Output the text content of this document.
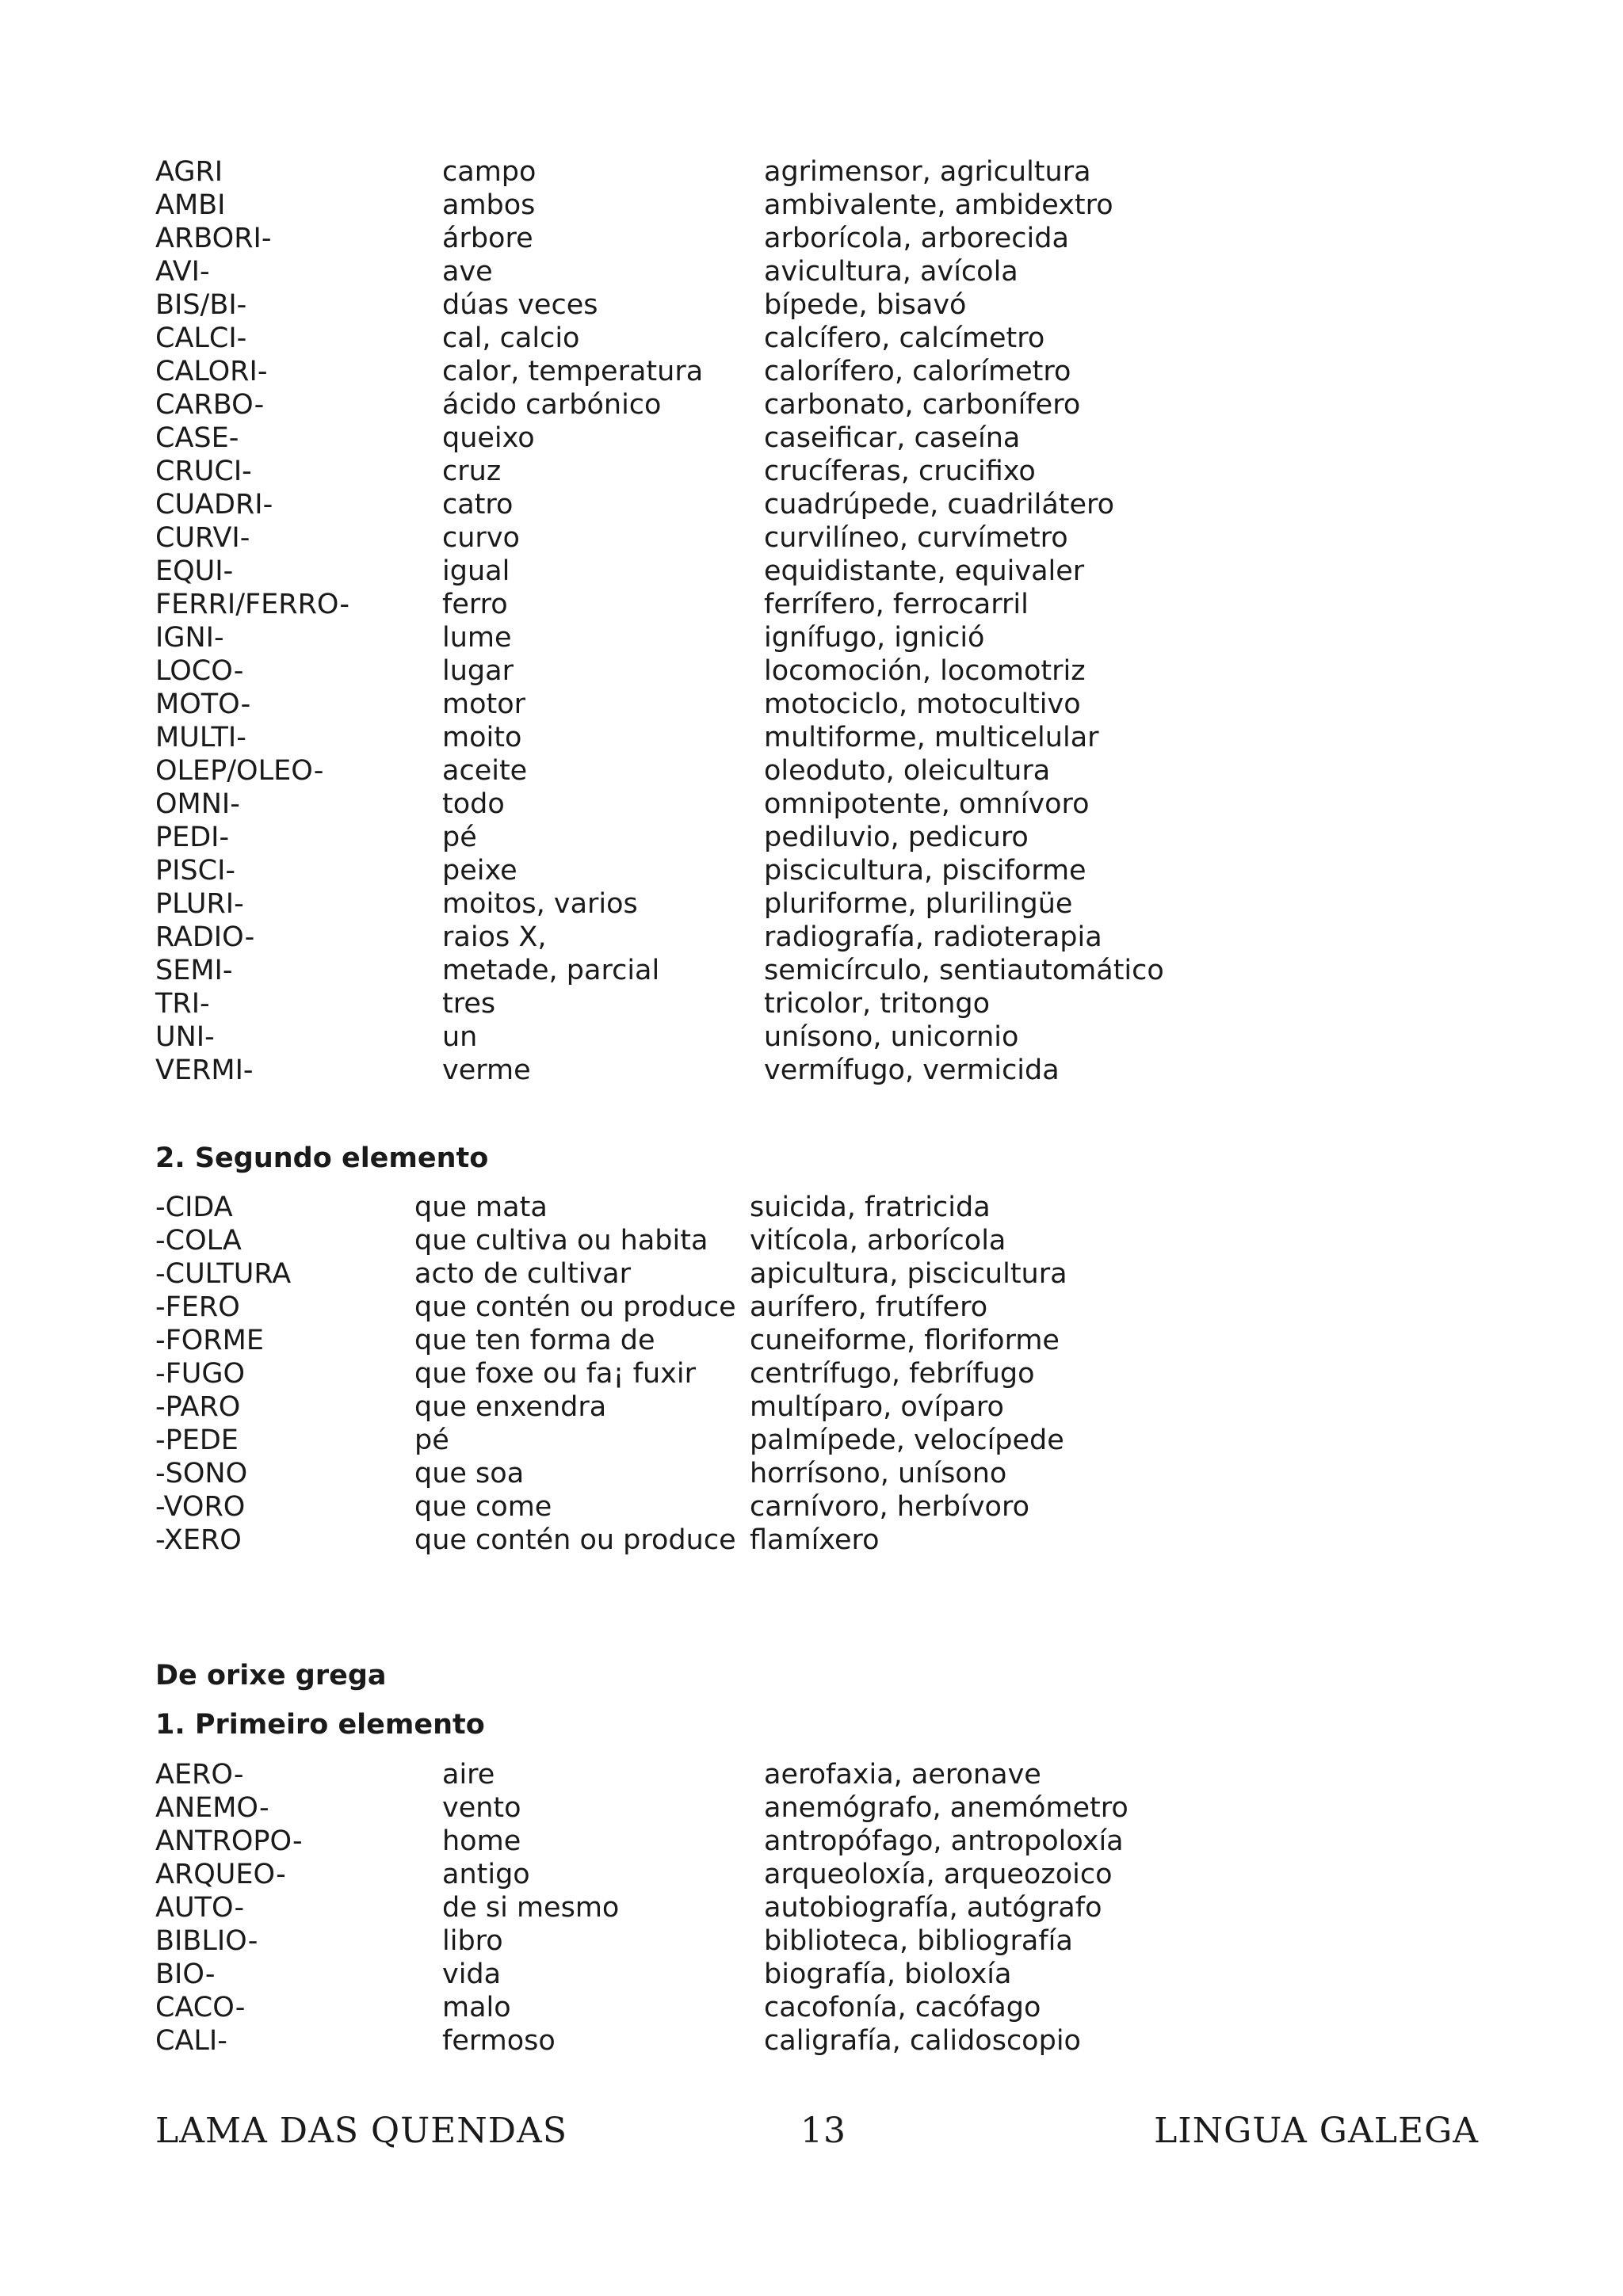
AGRI	campo	agrimensor, agricultura
AMBI	ambos	ambivalente, ambidextro
ARBORI-	árbore	arborícola, arborecida
AVI-	ave	avicultura, avícola
BIS/BI-	dúas veces	bípede, bisavó
CALCI-	cal, calcio	calcífero, calcímetro
CALORI-	calor, temperatura	calorífero, calorímetro
CARBO-	ácido carbónico	carbonato, carbonífero
CASE-	queixo	caseificar, caseína
CRUCI-	cruz	crucíferas, crucifixo
CUADRI-	catro	cuadrúpede, cuadrilátero
CURVI-	curvo	curvilíneo, curvímetro
EQUI-	igual	equidistante, equivaler
FERRI/FERRO-	ferro	ferrífero, ferrocarril
IGNI-	lume	ignífugo, ignició
LOCO-	lugar	locomoción, locomotriz
MOTO-	motor	motociclo, motocultivo
MULTI-	moito	multiforme, multicelular
OLEP/OLEO-	aceite	oleoduto, oleicultura
OMNI-	todo	omnipotente, omnívoro
PEDI-	pé	pediluvio, pedicuro
PISCI-	peixe	piscicultura, pisciforme
PLURI-	moitos, varios	pluriforme, plurilingüe
RADIO-	raios X,	radiografía, radioterapia
SEMI-	metade, parcial	semicírculo, sentiautomático
TRI-	tres	tricolor, tritongo
UNI-	un	unísono, unicornio
VERMI-	verme	vermífugo, vermicida
2. Segundo elemento
-CIDA	que mata	suicida, fratricida
-COLA	que cultiva ou habita	vitícola, arborícola
-CULTURA	acto de cultivar	apicultura, piscicultura
-FERO	que contén ou produce	aurífero, frutífero
-FORME	que ten forma de	cuneiforme, floriforme
-FUGO	que foxe ou fa¡ fuxir	centrífugo, febrífugo
-PARO	que enxendra	multíparo, ovíparo
-PEDE	pé	palmípede, velocípede
-SONO	que soa	horrísono, unísono
-VORO	que come	carnívoro, herbívoro
-XERO	que contén ou produce	flamíxero
De orixe grega
1. Primeiro elemento
AERO-	aire	aerofaxia, aeronave
ANEMO-	vento	anemógrafo, anemómetro
ANTROPO-	home	antropófago, antropoloxía
ARQUEO-	antigo	arqueoloxía, arqueozoico
AUTO-	de si mesmo	autobiografía, autógrafo
BIBLIO-	libro	biblioteca, bibliografía
BIO-	vida	biografía, bioloxía
CACO-	malo	cacofonía, cacófago
CALI-	fermoso	caligrafía, calidoscopio
LAMA DAS QUENDAS	13	LINGUA GALEGA
